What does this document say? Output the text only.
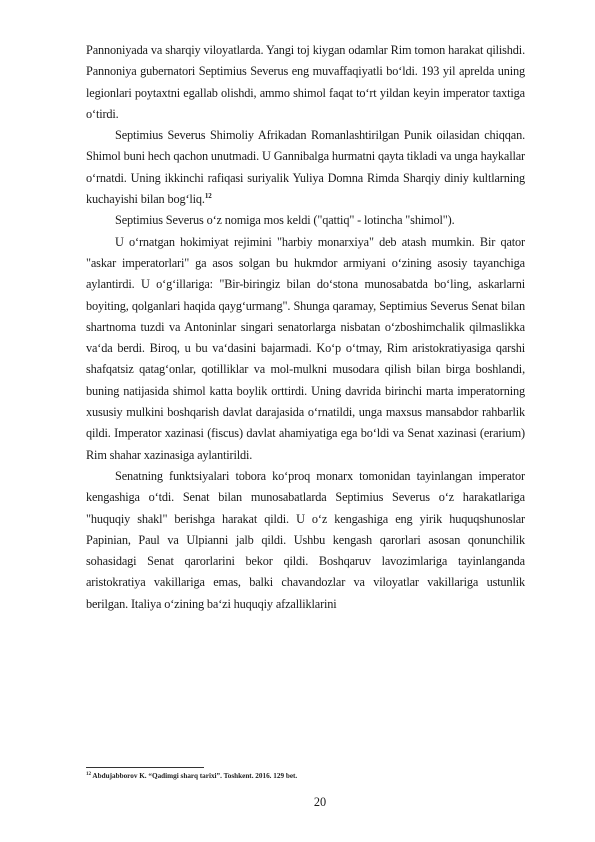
Pannoniyada va sharqiy viloyatlarda. Yangi toj kiygan odamlar Rim tomon harakat qilishdi. Pannoniya gubernatori Septimius Severus eng muvaffaqiyatli bo‘ldi. 193 yil aprelda uning legionlari poytaxtni egallab olishdi, ammo shimol faqat to‘rt yildan keyin imperator taxtiga o‘tirdi.

Septimius Severus Shimoliy Afrikadan Romanlashtirilgan Punik oilasidan chiqqan. Shimol buni hech qachon unutmadi. U Gannibalga hurmatni qayta tikladi va unga haykallar o‘rnatdi. Uning ikkinchi rafiqasi suriyalik Yuliya Domna Rimda Sharqiy diniy kultlarning kuchayishi bilan bog‘liq.$^{12}$

Septimius Severus o‘z nomiga mos keldi ("qattiq" - lotincha "shimol").

U o‘rnatgan hokimiyat rejimini "harbiy monarxiya" deb atash mumkin. Bir qator "askar imperatorlari" ga asos solgan bu hukmdor armiyani o‘zining asosiy tayanchiga aylantirdi. U o‘g‘illariga: "Bir-biringiz bilan do‘stona munosabatda bo‘ling, askarlarni boyiting, qolganlari haqida qayg‘urmang". Shunga qaramay, Septimius Severus Senat bilan shartnoma tuzdi va Antoninlar singari senatorlarga nisbatan o‘zboshimchalik qilmaslikka va‘da berdi. Biroq, u bu va‘dasini bajarmadi. Ko‘p o‘tmay, Rim aristokratiyasiga qarshi shafqatsiz qatag‘onlar, qotilliklar va mol-mulkni musodara qilish bilan birga boshlandi, buning natijasida shimol katta boylik orttirdi. Uning davrida birinchi marta imperatorning xususiy mulkini boshqarish davlat darajasida o‘rnatildi, unga maxsus mansabdor rahbarlik qildi. Imperator xazinasi (fiscus) davlat ahamiyatiga ega bo‘ldi va Senat xazinasi (erarium) Rim shahar xazinasiga aylantirildi.

Senatning funktsiyalari tobora ko‘proq monarx tomonidan tayinlangan imperator kengashiga o‘tdi. Senat bilan munosabatlarda Septimius Severus o‘z harakatlariga "huquqiy shakl" berishga harakat qildi. U o‘z kengashiga eng yirik huquqshunoslar Papinian, Paul va Ulpianni jalb qildi. Ushbu kengash qarorlari asosan qonunchilik sohasidagi Senat qarorlarini bekor qildi. Boshqaruv lavozimlariga tayinlanganda aristokratiya vakillariga emas, balki chavandozlar va viloyatlar vakillariga ustunlik berilgan. Italiya o‘zining ba‘zi huquqiy afzalliklarini

$^{12}$ Abdujabborov K. “Qadimgi sharq tarixi”. Toshkent. 2016. 129 bet.
20
